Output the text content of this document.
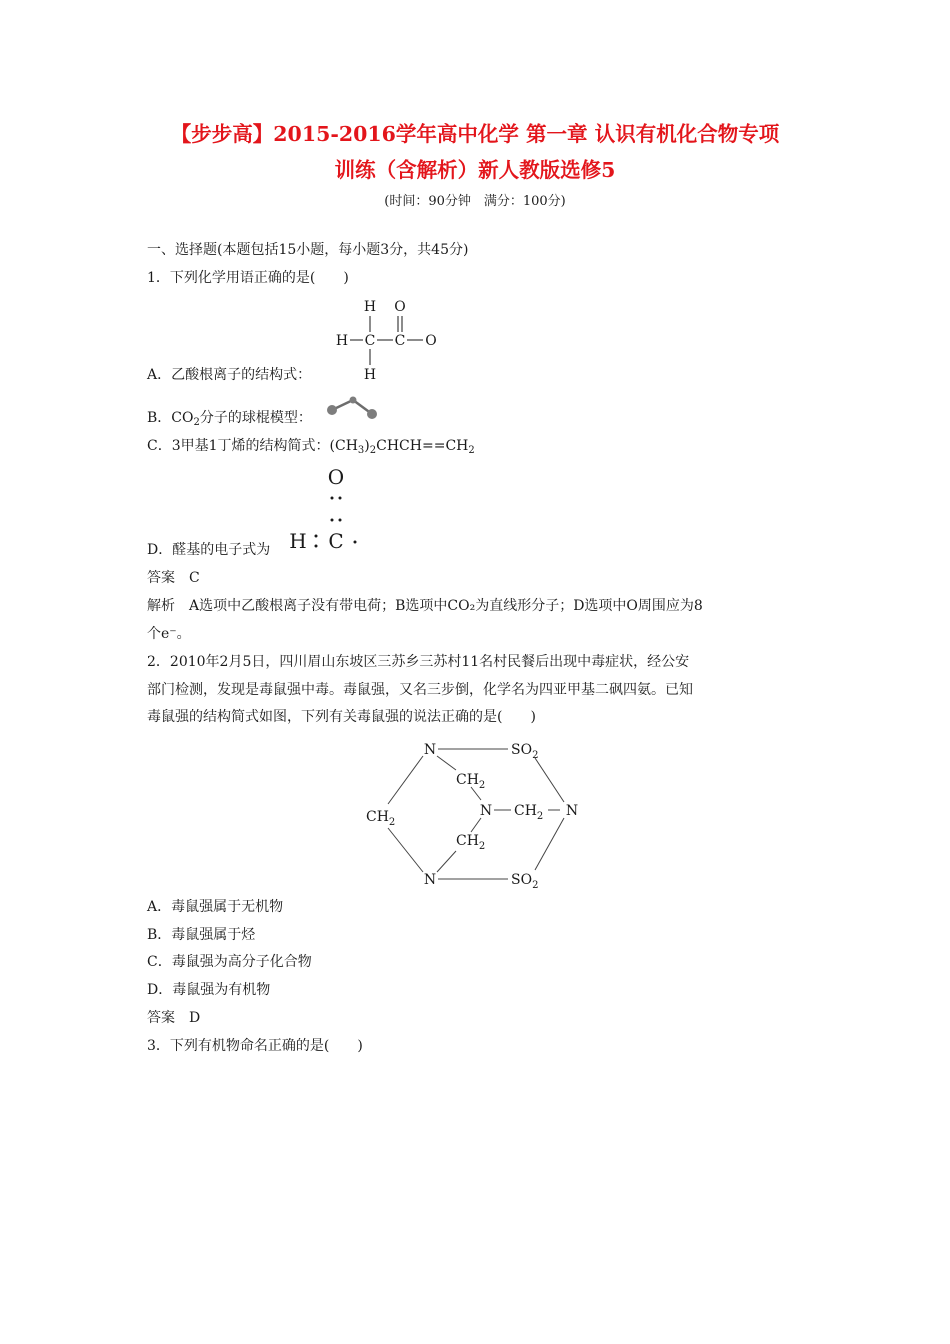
【步步高】2015-2016学年高中化学 第一章 认识有机化合物专项
训练（含解析）新人教版选修5
(时间：90分钟　满分：100分)
一、选择题(本题包括15小题，每小题3分，共45分)
1．下列化学用语正确的是(　　)
H O
H C C O
H
A．乙酸根离子的结构式：
B．$CO_2$分子的球棍模型：
C．3甲基1丁烯的结构简式：$(CH_3)_2CHCH==CH_2$
O
H C
D．醛基的电子式为
答案　C
解析　A选项中乙酸根离子没有带电荷；B选项中CO₂为直线形分子；D选项中O周围应为8
个e⁻。
2．2010年2月5日，四川眉山东坡区三苏乡三苏村11名村民餐后出现中毒症状，经公安
部门检测，发现是毒鼠强中毒。毒鼠强，又名三步倒，化学名为四亚甲基二砜四氨。已知
毒鼠强的结构简式如图，下列有关毒鼠强的说法正确的是(　　)
N	$SO_2$
$CH_2$
N $CH_2$ N
$CH_2$
$CH_2$
N	$SO_2$
A．毒鼠强属于无机物
B．毒鼠强属于烃
C．毒鼠强为高分子化合物
D．毒鼠强为有机物
答案　D
3．下列有机物命名正确的是(　　)
